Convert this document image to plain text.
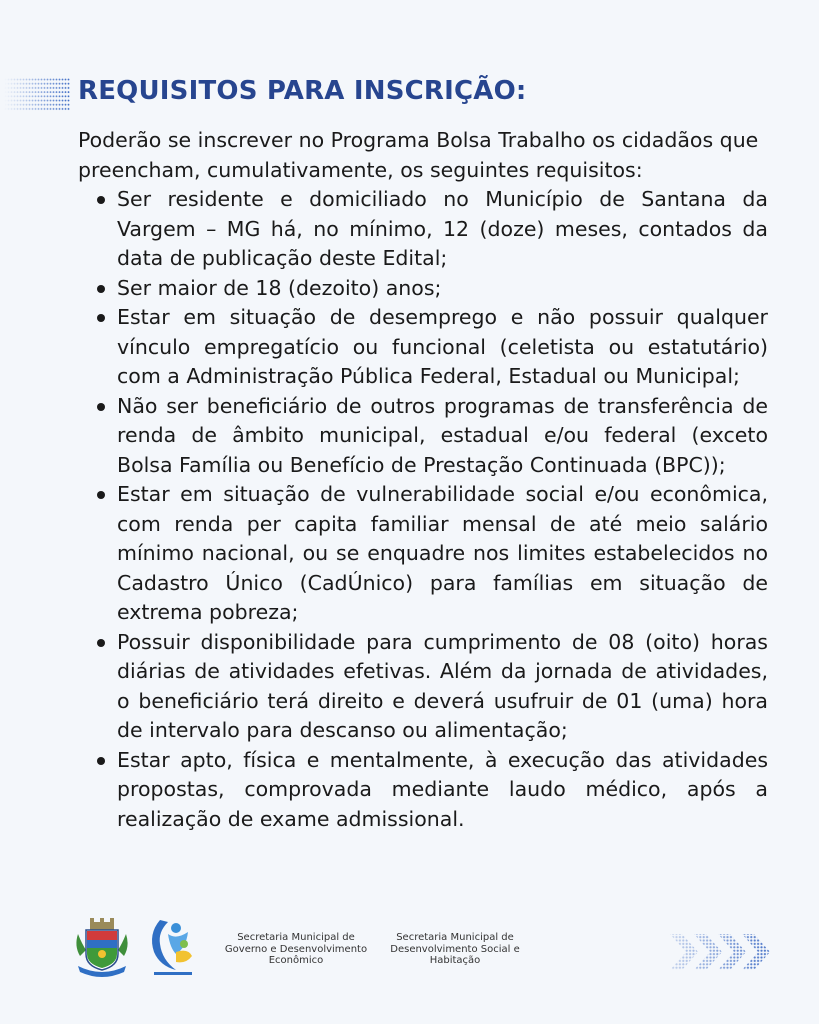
REQUISITOS PARA INSCRIÇÃO:

Poderão se inscrever no Programa Bolsa Trabalho os cidadãos que preencham, cumulativamente, os seguintes requisitos:

Ser residente e domiciliado no Município de Santana da Vargem – MG há, no mínimo, 12 (doze) meses, contados da data de publicação deste Edital;
Ser maior de 18 (dezoito) anos;
Estar em situação de desemprego e não possuir qualquer vínculo empregatício ou funcional (celetista ou estatutário) com a Administração Pública Federal, Estadual ou Municipal;
Não ser beneficiário de outros programas de transferência de renda de âmbito municipal, estadual e/ou federal (exceto Bolsa Família ou Benefício de Prestação Continuada (BPC));
Estar em situação de vulnerabilidade social e/ou econômica, com renda per capita familiar mensal de até meio salário mínimo nacional, ou se enquadre nos limites estabelecidos no Cadastro Único (CadÚnico) para famílias em situação de extrema pobreza;
Possuir disponibilidade para cumprimento de 08 (oito) horas diárias de atividades efetivas. Além da jornada de atividades, o beneficiário terá direito e deverá usufruir de 01 (uma) hora de intervalo para descanso ou alimentação;
Estar apto, física e mentalmente, à execução das atividades propostas, comprovada mediante laudo médico, após a realização de exame admissional.
Secretaria Municipal de
Governo e Desenvolvimento
Econômico
Secretaria Municipal de
Desenvolvimento Social e
Habitação
